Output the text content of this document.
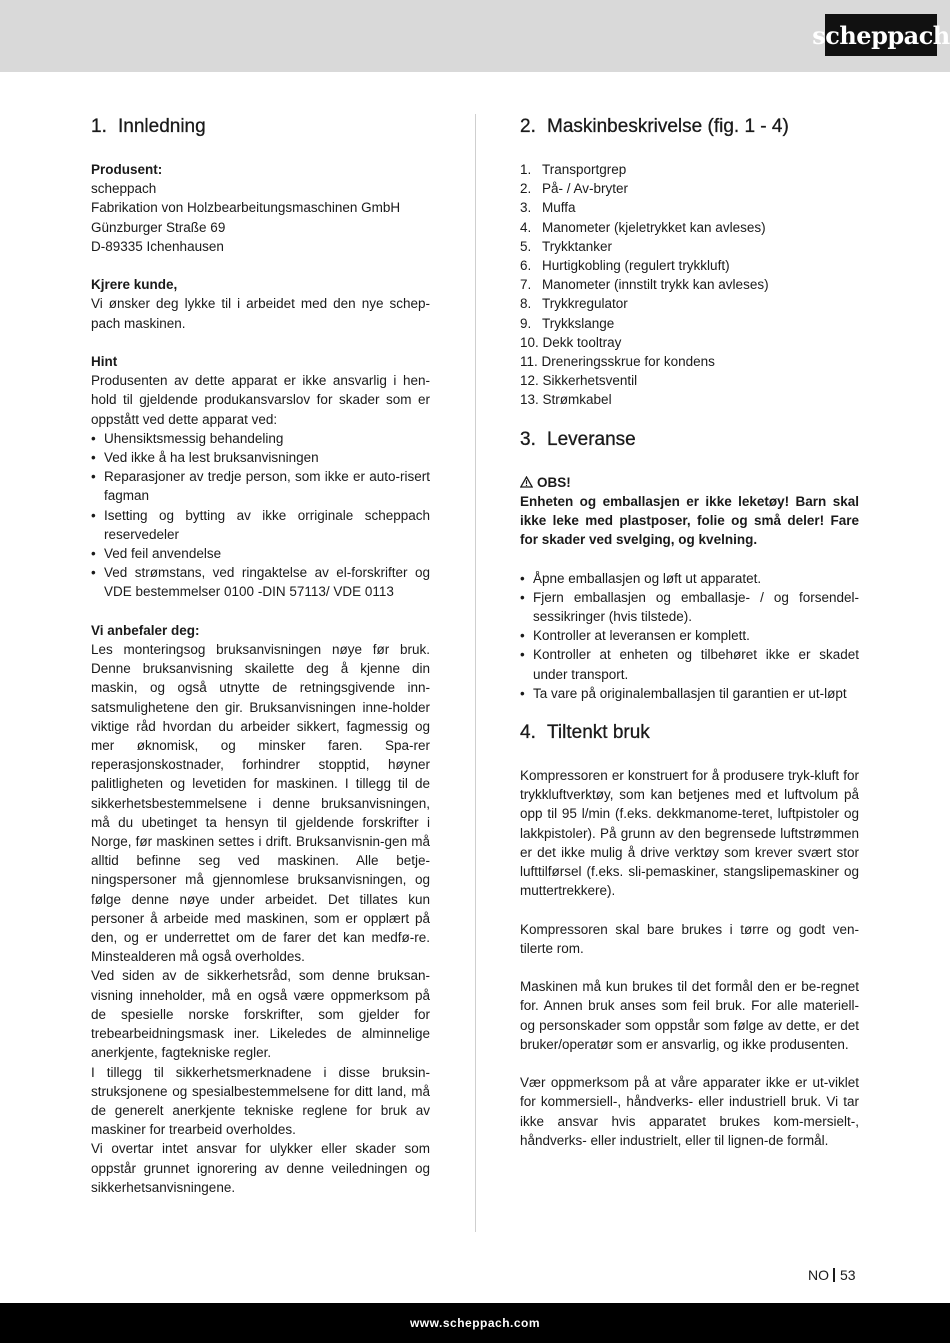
scheppach
1. Innledning
Produsent:
scheppach
Fabrikation von Holzbearbeitungsmaschinen GmbH
Günzburger Straße 69
D-89335 Ichenhausen
Kjrere kunde,

Vi ønsker deg lykke til i arbeidet med den nye schep-pach maskinen.

Hint

Produsenten av dette apparat er ikke ansvarlig i hen-hold til gjeldende produkansvarslov for skader som er oppstått ved dette apparat ved:

• Uhensiktsmessig behandeling
• Ved ikke å ha lest bruksanvisningen
• Reparasjoner av tredje person, som ikke er auto-risert fagman
• Isetting og bytting av ikke orriginale scheppach reservedeler
• Ved feil anvendelse
• Ved strømstans, ved ringaktelse av el-forskrifter og VDE bestemmelser 0100 -DIN 57113/ VDE 0113
Vi anbefaler deg:

Les monteringsog bruksanvisningen nøye før bruk. Denne bruksanvisning skailette deg å kjenne din maskin, og også utnytte de retningsgivende inn-satsmulighetene den gir. Bruksanvisningen inne-holder viktige råd hvordan du arbeider sikkert, fagmessig og mer øknomisk, og minsker faren. Spa-rer reperasjonskostnader, forhindrer stopptid, høyner palitligheten og levetiden for maskinen. I tillegg til de sikkerhetsbestemmelsene i denne bruksanvisningen, må du ubetinget ta hensyn til gjeldende forskrifter i Norge, før maskinen settes i drift. Bruksanvisnin-gen må alltid befinne seg ved maskinen. Alle betje-ningspersoner må gjennomlese bruksanvisningen, og følge denne nøye under arbeidet. Det tillates kun personer å arbeide med maskinen, som er opplært på den, og er underrettet om de farer det kan medfø-re. Minstealderen må også overholdes.

Ved siden av de sikkerhetsråd, som denne bruksan-visning inneholder, må en også være oppmerksom på de spesielle norske forskrifter, som gjelder for trebearbeidningsmask iner. Likeledes de alminnelige anerkjente, fagtekniske regler.

I tillegg til sikkerhetsmerknadene i disse bruksin-struksjonene og spesialbestemmelsene for ditt land, må de generelt anerkjente tekniske reglene for bruk av maskiner for trearbeid overholdes.

Vi overtar intet ansvar for ulykker eller skader som oppstår grunnet ignorering av denne veiledningen og sikkerhetsanvisningene.

2. Maskinbeskrivelse (fig. 1 - 4)
1. Transportgrep
2. På- / Av-bryter
3. Muffa
4. Manometer (kjeletrykket kan avleses)
5. Trykktanker
6. Hurtigkobling (regulert trykkluft)
7. Manometer (innstilt trykk kan avleses)
8. Trykkregulator
9. Trykkslange
10.
Dekk tooltray
11.
Dreneringsskrue for kondens
12.
Sikkerhetsventil
13.
Strømkabel
3. Leveranse
OBS!

Enheten og emballasjen er ikke leketøy! Barn skal ikke leke med plastposer, folie og små deler! Fare for skader ved svelging, og kvelning.

• Åpne emballasjen og løft ut apparatet.
• Fjern emballasjen og emballasje- / og forsendel-sessikringer (hvis tilstede).
• Kontroller at leveransen er komplett.
• Kontroller at enheten og tilbehøret ikke er skadet under transport.
• Ta vare på originalemballasjen til garantien er ut-løpt
4. Tiltenkt bruk

Kompressoren er konstruert for å produsere tryk-kluft for trykkluftverktøy, som kan betjenes med et luftvolum på opp til 95 l/min (f.eks. dekkmanome-teret, luftpistoler og lakkpistoler). På grunn av den begrensede luftstrømmen er det ikke mulig å drive verktøy som krever svært stor lufttilførsel (f.eks. sli-pemaskiner, stangslipemaskiner og muttertrekkere).

Kompressoren skal bare brukes i tørre og godt ven-tilerte rom.

Maskinen må kun brukes til det formål den er be-regnet for. Annen bruk anses som feil bruk. For alle materiell- og personskader som oppstår som følge av dette, er det bruker/operatør som er ansvarlig, og ikke produsenten.

Vær oppmerksom på at våre apparater ikke er ut-viklet for kommersiell-, håndverks- eller industriell bruk. Vi tar ikke ansvar hvis apparatet brukes kom-mersielt-, håndverks- eller industrielt, eller til lignen-de formål.

NO 53
www.scheppach.com
